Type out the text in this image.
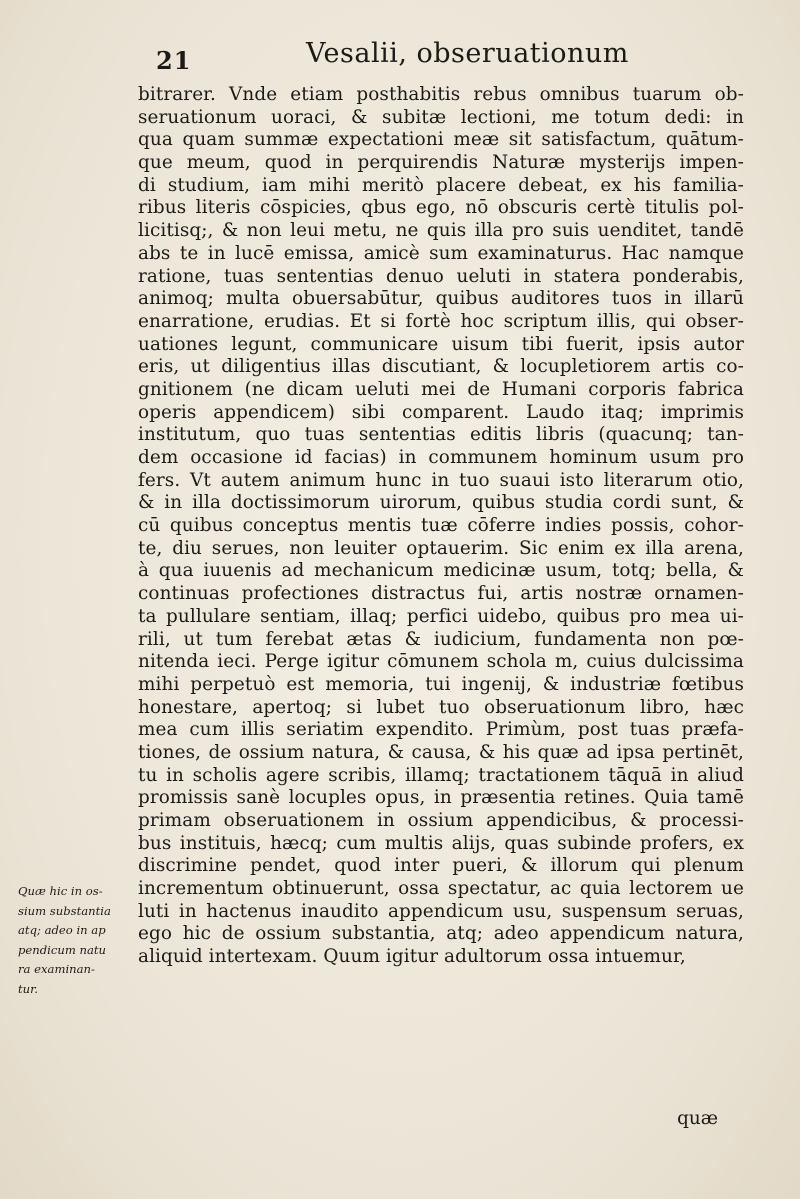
21	Vesalii, obseruationum
bitrarer. Vnde etiam posthabitis rebus omnibus tuarum ob-
seruationum uoraci, & subitæ lectioni, me totum dedi: in
qua quam summæ expectationi meæ sit satisfactum, quātum-
que meum, quod in perquirendis Naturæ mysterijs impen-
di studium, iam mihi meritò placere debeat, ex his familia-
ribus literis cōspicies, qbus ego, nō obscuris certè titulis pol-
licitisq;, & non leui metu, ne quis illa pro suis uenditet, tandē
abs te in lucē emissa, amicè sum examinaturus. Hac namque
ratione, tuas sententias denuo ueluti in statera ponderabis,
animoq; multa obuersabūtur, quibus auditores tuos in illarū
enarratione, erudias. Et si fortè hoc scriptum illis, qui obser-
uationes legunt, communicare uisum tibi fuerit, ipsis autor
eris, ut diligentius illas discutiant, & locupletiorem artis co-
gnitionem (ne dicam ueluti mei de Humani corporis fabrica
operis appendicem) sibi comparent. Laudo itaq; imprimis
institutum, quo tuas sententias editis libris (quacunq; tan-
dem occasione id facias) in communem hominum usum pro
fers. Vt autem animum hunc in tuo suaui isto literarum otio,
& in illa doctissimorum uirorum, quibus studia cordi sunt, &
cū quibus conceptus mentis tuæ cōferre indies possis, cohor-
te, diu serues, non leuiter optauerim. Sic enim ex illa arena,
à qua iuuenis ad mechanicum medicinæ usum, totq; bella, &
continuas profectiones distractus fui, artis nostræ ornamen-
ta pullulare sentiam, illaq; perfici uidebo, quibus pro mea ui-
rili, ut tum ferebat ætas & iudicium, fundamenta non pœ-
nitenda ieci. Perge igitur cōmunem schola m, cuius dulcissima
mihi perpetuò est memoria, tui ingenij, & industriæ fœtibus
honestare, apertoq; si lubet tuo obseruationum libro, hæc
mea cum illis seriatim expendito. Primùm, post tuas præfa-
tiones, de ossium natura, & causa, & his quæ ad ipsa pertinēt,
tu in scholis agere scribis, illamq; tractationem tāquā in aliud
promissis sanè locuples opus, in præsentia retines. Quia tamē
primam obseruationem in ossium appendicibus, & processi-
bus instituis, hæcq; cum multis alijs, quas subinde profers, ex
discrimine pendet, quod inter pueri, & illorum qui plenum
incrementum obtinuerunt, ossa spectatur, ac quia lectorem ue
luti in hactenus inaudito appendicum usu, suspensum seruas,
ego hic de ossium substantia, atq; adeo appendicum natura,
aliquid intertexam. Quum igitur adultorum ossa intuemur,
Quæ hic in os-
sium substantia
atq; adeo in ap
pendicum natu
ra examinan-
tur.
quæ
